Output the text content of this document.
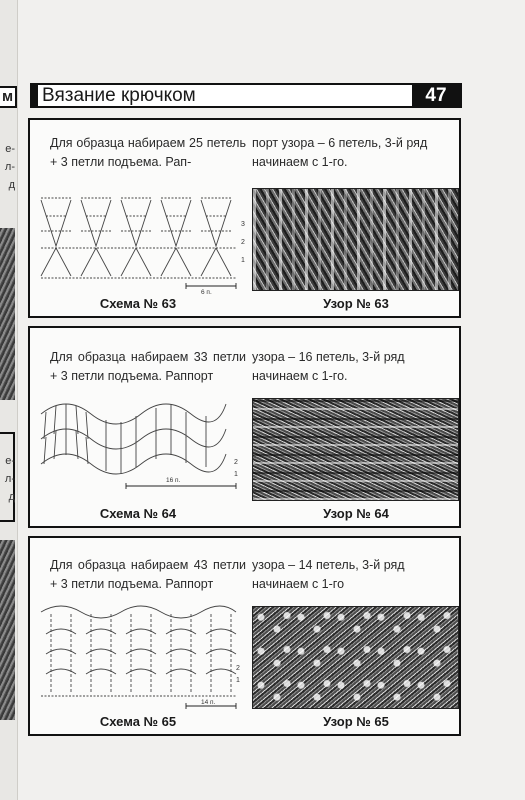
м
е-
л-
д
е-
л-
д
Вязание крючком	47
Для образца набираем 25 петель + 3 петли подъема. Рап-
порт узора – 6 петель, 3-й ряд начинаем с 1-го.
3
2
1
6 п.
Схема № 63	Узор № 63
Для образца набираем 33 петли + 3 петли подъема. Раппорт
узора – 16 петель, 3-й ряд начинаем с 1-го.
2
1
16 п.
Схема № 64	Узор № 64
Для образца набираем 43 петли + 3 петли подъема. Раппорт
узора – 14 петель, 3-й ряд начинаем с 1-го
2
1
14 п.
Схема № 65	Узор № 65
